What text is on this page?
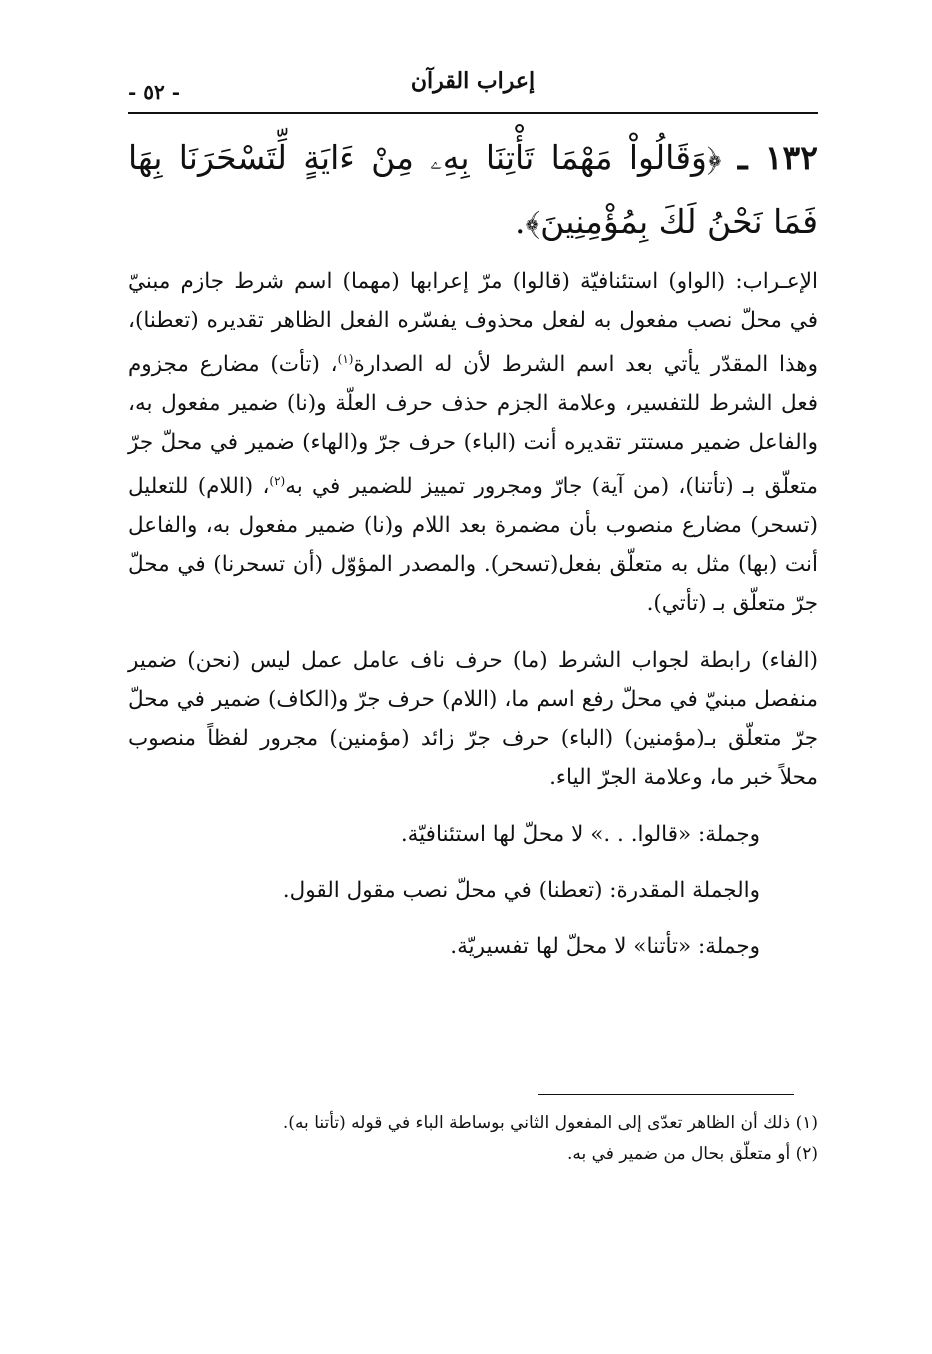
إعراب القرآن
- ٥٢ -
١٣٢ ـ ﴿وَقَالُواْ مَهْمَا تَأْتِنَا بِهِۦ مِنْ ءَايَةٍ لِّتَسْحَرَنَا بِهَا فَمَا نَحْنُ لَكَ بِمُؤْمِنِينَ﴾.

الإعـراب: (الواو) استئنافيّة (قالوا) مرّ إعرابها (مهما) اسم شرط جازم مبنيّ في محلّ نصب مفعول به لفعل محذوف يفسّره الفعل الظاهر تقديره (تعطنا)، وهذا المقدّر يأتي بعد اسم الشرط لأن له الصدارة$^{(١)}$، (تأت) مضارع مجزوم فعل الشرط للتفسير، وعلامة الجزم حذف حرف العلّة و(نا) ضمير مفعول به، والفاعل ضمير مستتر تقديره أنت (الباء) حرف جرّ و(الهاء) ضمير في محلّ جرّ متعلّق بـ (تأتنا)، (من آية) جارّ ومجرور تمييز للضمير في به$^{(٢)}$، (اللام) للتعليل (تسحر) مضارع منصوب بأن مضمرة بعد اللام و(نا) ضمير مفعول به، والفاعل أنت (بها) مثل به متعلّق بفعل(تسحر). والمصدر المؤوّل (أن تسحرنا) في محلّ جرّ متعلّق بـ (تأتي).

(الفاء) رابطة لجواب الشرط (ما) حرف ناف عامل عمل ليس (نحن) ضمير منفصل مبنيّ في محلّ رفع اسم ما، (اللام) حرف جرّ و(الكاف) ضمير في محلّ جرّ متعلّق بـ(مؤمنين) (الباء) حرف جرّ زائد (مؤمنين) مجرور لفظاً منصوب محلاً خبر ما، وعلامة الجرّ الياء.

وجملة: «قالوا. . .» لا محلّ لها استئنافيّة.

والجملة المقدرة: (تعطنا) في محلّ نصب مقول القول.

وجملة: «تأتنا» لا محلّ لها تفسيريّة.

(١) ذلك أن الظاهر تعدّى إلى المفعول الثاني بوساطة الباء في قوله (تأتنا به).

(٢) أو متعلّق بحال من ضمير في به.
